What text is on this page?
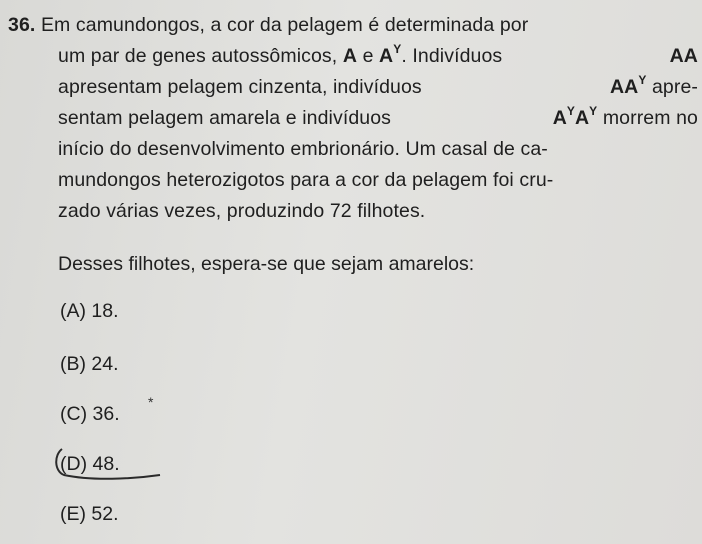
36. Em camundongos, a cor da pelagem é determinada por
um par de genes autossômicos, A e $A^Y$. Indivíduos	AA
apresentam pelagem cinzenta, indivíduos	$AA^Y$ apre-
sentam pelagem amarela e indivíduos	$A^YA^Y$ morrem no
início do desenvolvimento embrionário. Um casal de ca-
mundongos heterozigotos para a cor da pelagem foi cru-
zado várias vezes, produzindo 72 filhotes.
Desses filhotes, espera-se que sejam amarelos:
(A) 18.
(B) 24.
(C) 36.
*
(D) 48.
(E) 52.
